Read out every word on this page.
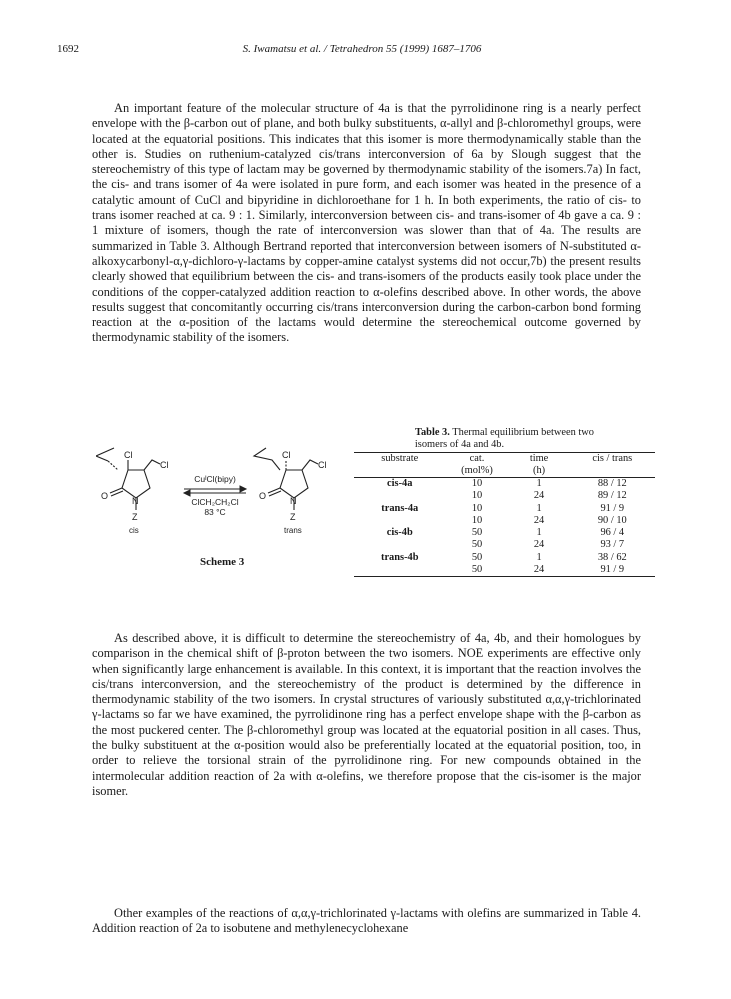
1692	S. Iwamatsu et al. / Tetrahedron 55 (1999) 1687–1706

An important feature of the molecular structure of 4a is that the pyrrolidinone ring is a nearly perfect envelope with the β-carbon out of plane, and both bulky substituents, α-allyl and β-chloromethyl groups, were located at the equatorial positions. This indicates that this isomer is more thermodynamically stable than the other is. Studies on ruthenium-catalyzed cis/trans interconversion of 6a by Slough suggest that the stereochemistry of this type of lactam may be governed by thermodynamic stability of the isomers.7a) In fact, the cis- and trans isomer of 4a were isolated in pure form, and each isomer was heated in the presence of a catalytic amount of CuCl and bipyridine in dichloroethane for 1 h. In both experiments, the ratio of cis- to trans isomer reached at ca. 9 : 1. Similarly, interconversion between cis- and trans-isomer of 4b gave a ca. 9 : 1 mixture of isomers, though the rate of interconversion was slower than that of 4a. The results are summarized in Table 3. Although Bertrand reported that interconversion between isomers of N-substituted α-alkoxycarbonyl-α,γ-dichloro-γ-lactams by copper-amine catalyst systems did not occur,7b) the present results clearly showed that equilibrium between the cis- and trans-isomers of the products easily took place under the conditions of the copper-catalyzed addition reaction to α-olefins described above. In other words, the above results suggest that concomitantly occurring cis/trans interconversion during the carbon-carbon bond forming reaction at the α-position of the lactams would determine the stereochemical outcome governed by thermodynamic stability of the isomers.

Cl
Cl
O	N
Z
cis
CuᴵCl(bipy)
ClCH₂CH₂Cl
83 °C
Cl
Cl
O	N
Z
trans
Scheme 3
Table 3. Thermal equilibrium between two
isomers of 4a and 4b.
substrate	cat.	time	cis / trans
	(mol%)	(h)	
cis-4a	10	1	88 / 12
	10	24	89 / 12
trans-4a	10	1	91 / 9
	10	24	90 / 10
cis-4b	50	1	96 / 4
	50	24	93 / 7
trans-4b	50	1	38 / 62
	50	24	91 / 9

As described above, it is difficult to determine the stereochemistry of 4a, 4b, and their homologues by comparison in the chemical shift of β-proton between the two isomers. NOE experiments are effective only when significantly large enhancement is available. In this context, it is important that the reaction involves the cis/trans interconversion, and the stereochemistry of the product is determined by the difference in thermodynamic stability of the two isomers. In crystal structures of variously substituted α,α,γ-trichlorinated γ-lactams so far we have examined, the pyrrolidinone ring has a perfect envelope shape with the β-carbon as the most puckered center. The β-chloromethyl group was located at the equatorial position in all cases. Thus, the bulky substituent at the α-position would also be preferentially located at the equatorial position, too, in order to relieve the torsional strain of the pyrrolidinone ring. For new compounds obtained in the intermolecular addition reaction of 2a with α-olefins, we therefore propose that the cis-isomer is the major isomer.

Other examples of the reactions of α,α,γ-trichlorinated γ-lactams with olefins are summarized in Table 4. Addition reaction of 2a to isobutene and methylenecyclohexane
